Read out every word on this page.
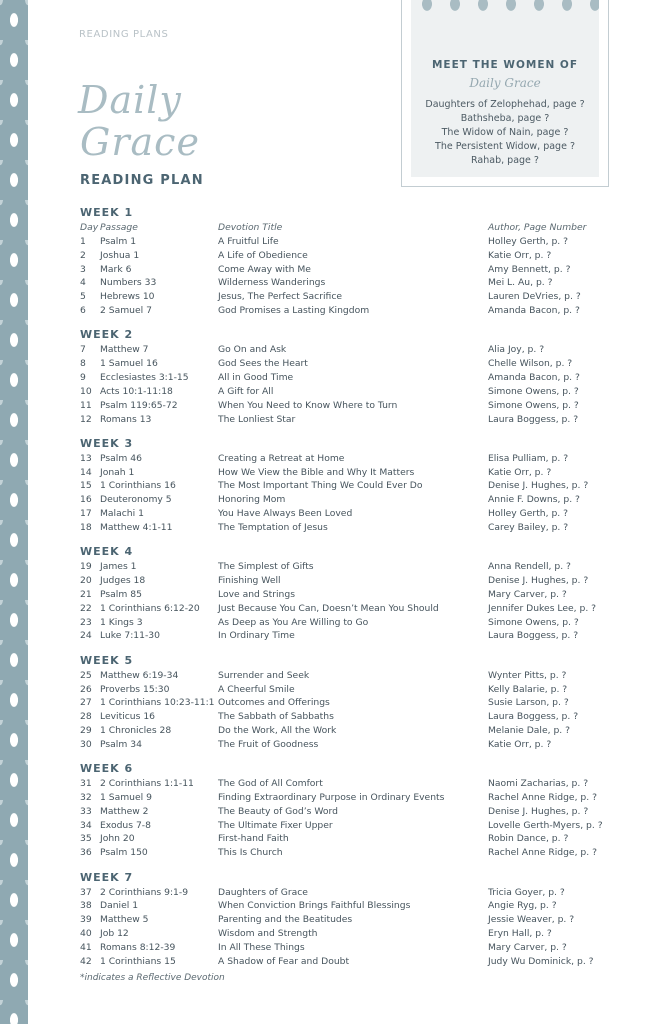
READING PLANS
Daily
Grace
READING PLAN
MEET THE WOMEN OF
Daily Grace
Daughters of Zelophehad, page ?
Bathsheba, page ?
The Widow of Nain, page ?
The Persistent Widow, page ?
Rahab, page ?
WEEK 1
Day Passage	Devotion Title	Author, Page Number
1 Psalm 1	A Fruitful Life	Holley Gerth, p. ?
2 Joshua 1	A Life of Obedience	Katie Orr, p. ?
3 Mark 6	Come Away with Me	Amy Bennett, p. ?
4 Numbers 33	Wilderness Wanderings	Mei L. Au, p. ?
5 Hebrews 10	Jesus, The Perfect Sacrifice	Lauren DeVries, p. ?
6 2 Samuel 7	God Promises a Lasting Kingdom	Amanda Bacon, p. ?
WEEK 2
7 Matthew 7	Go On and Ask	Alia Joy, p. ?
8 1 Samuel 16	God Sees the Heart	Chelle Wilson, p. ?
9 Ecclesiastes 3:1-15	All in Good Time	Amanda Bacon, p. ?
10 Acts 10:1-11:18	A Gift for All	Simone Owens, p. ?
11 Psalm 119:65-72	When You Need to Know Where to Turn	Simone Owens, p. ?
12 Romans 13	The Lonliest Star	Laura Boggess, p. ?
WEEK 3
13 Psalm 46	Creating a Retreat at Home	Elisa Pulliam, p. ?
14 Jonah 1	How We View the Bible and Why It Matters	Katie Orr, p. ?
15 1 Corinthians 16	The Most Important Thing We Could Ever Do	Denise J. Hughes, p. ?
16 Deuteronomy 5	Honoring Mom	Annie F. Downs, p. ?
17 Malachi 1	You Have Always Been Loved	Holley Gerth, p. ?
18 Matthew 4:1-11	The Temptation of Jesus	Carey Bailey, p. ?
WEEK 4
19 James 1	The Simplest of Gifts	Anna Rendell, p. ?
20 Judges 18	Finishing Well	Denise J. Hughes, p. ?
21 Psalm 85	Love and Strings	Mary Carver, p. ?
22 1 Corinthians 6:12-20 Just Because You Can, Doesn’t Mean You Should	Jennifer Dukes Lee, p. ?
23 1 Kings 3	As Deep as You Are Willing to Go	Simone Owens, p. ?
24 Luke 7:11-30	In Ordinary Time	Laura Boggess, p. ?
WEEK 5
25 Matthew 6:19-34	Surrender and Seek	Wynter Pitts, p. ?
26 Proverbs 15:30	A Cheerful Smile	Kelly Balarie, p. ?
27 1 Corinthians 10:23-11:1 Outcomes and Offerings	Susie Larson, p. ?
28 Leviticus 16	The Sabbath of Sabbaths	Laura Boggess, p. ?
29 1 Chronicles 28	Do the Work, All the Work	Melanie Dale, p. ?
30 Psalm 34	The Fruit of Goodness	Katie Orr, p. ?
WEEK 6
31 2 Corinthians 1:1-11	The God of All Comfort	Naomi Zacharias, p. ?
32 1 Samuel 9	Finding Extraordinary Purpose in Ordinary Events	Rachel Anne Ridge, p. ?
33 Matthew 2	The Beauty of God’s Word	Denise J. Hughes, p. ?
34 Exodus 7-8	The Ultimate Fixer Upper	Lovelle Gerth-Myers, p. ?
35 John 20	First-hand Faith	Robin Dance, p. ?
36 Psalm 150	This Is Church	Rachel Anne Ridge, p. ?
WEEK 7
37 2 Corinthians 9:1-9	Daughters of Grace	Tricia Goyer, p. ?
38 Daniel 1	When Conviction Brings Faithful Blessings	Angie Ryg, p. ?
39 Matthew 5	Parenting and the Beatitudes	Jessie Weaver, p. ?
40 Job 12	Wisdom and Strength	Eryn Hall, p. ?
41 Romans 8:12-39	In All These Things	Mary Carver, p. ?
42 1 Corinthians 15	A Shadow of Fear and Doubt	Judy Wu Dominick, p. ?
*indicates a Reflective Devotion
